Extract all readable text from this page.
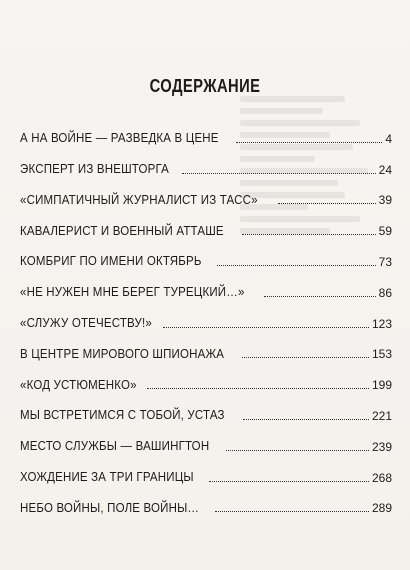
СОДЕРЖАНИЕ
А НА ВОЙНЕ — РАЗВЕДКА В ЦЕНЕ	4
ЭКСПЕРТ ИЗ ВНЕШТОРГА	24
«СИМПАТИЧНЫЙ ЖУРНАЛИСТ ИЗ ТАСС»	39
КАВАЛЕРИСТ И ВОЕННЫЙ АТТАШЕ	59
КОМБРИГ ПО ИМЕНИ ОКТЯБРЬ	73
«НЕ НУЖЕН МНЕ БЕРЕГ ТУРЕЦКИЙ…»	86
«СЛУЖУ ОТЕЧЕСТВУ!»	123
В ЦЕНТРЕ МИРОВОГО ШПИОНАЖА	153
«КОД УСТЮМЕНКО»	199
МЫ ВСТРЕТИМСЯ С ТОБОЙ, УСТАЗ	221
МЕСТО СЛУЖБЫ — ВАШИНГТОН	239
ХОЖДЕНИЕ ЗА ТРИ ГРАНИЦЫ	268
НЕБО ВОЙНЫ, ПОЛЕ ВОЙНЫ…	289
